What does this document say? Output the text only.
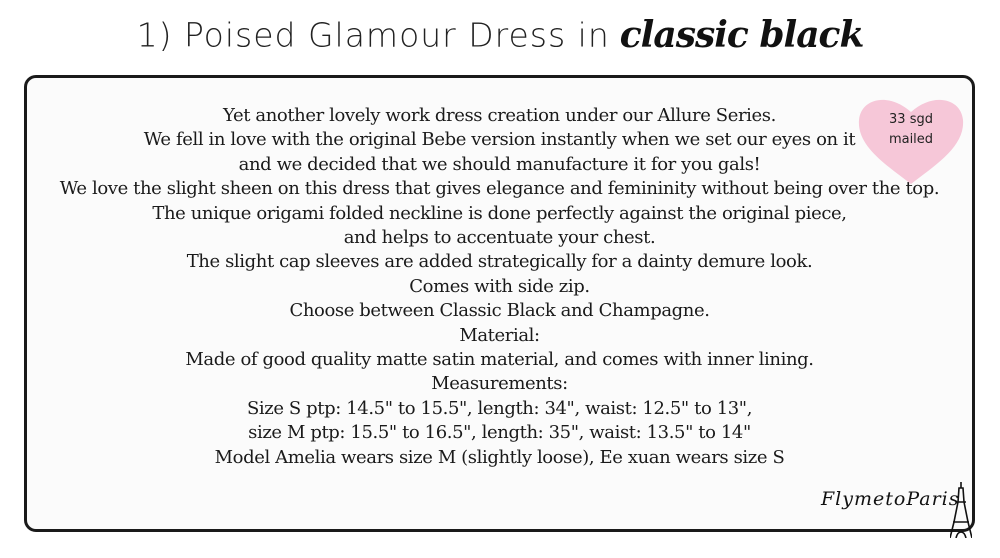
1) Poised Glamour Dress in classic black
Yet another lovely work dress creation under our Allure Series.
We fell in love with the original Bebe version instantly when we set our eyes on it
and we decided that we should manufacture it for you gals!
We love the slight sheen on this dress that gives elegance and femininity without being over the top.
The unique origami folded neckline is done perfectly against the original piece,
and helps to accentuate your chest.
The slight cap sleeves are added strategically for a dainty demure look.
Comes with side zip.
Choose between Classic Black and Champagne.
Material:
Made of good quality matte satin material, and comes with inner lining.
Measurements:
Size S ptp: 14.5" to 15.5", length: 34", waist: 12.5" to 13",
size M ptp: 15.5" to 16.5", length: 35", waist: 13.5" to 14"
Model Amelia wears size M (slightly loose), Ee xuan wears size S
33 sgd
mailed
FlymetoParis
